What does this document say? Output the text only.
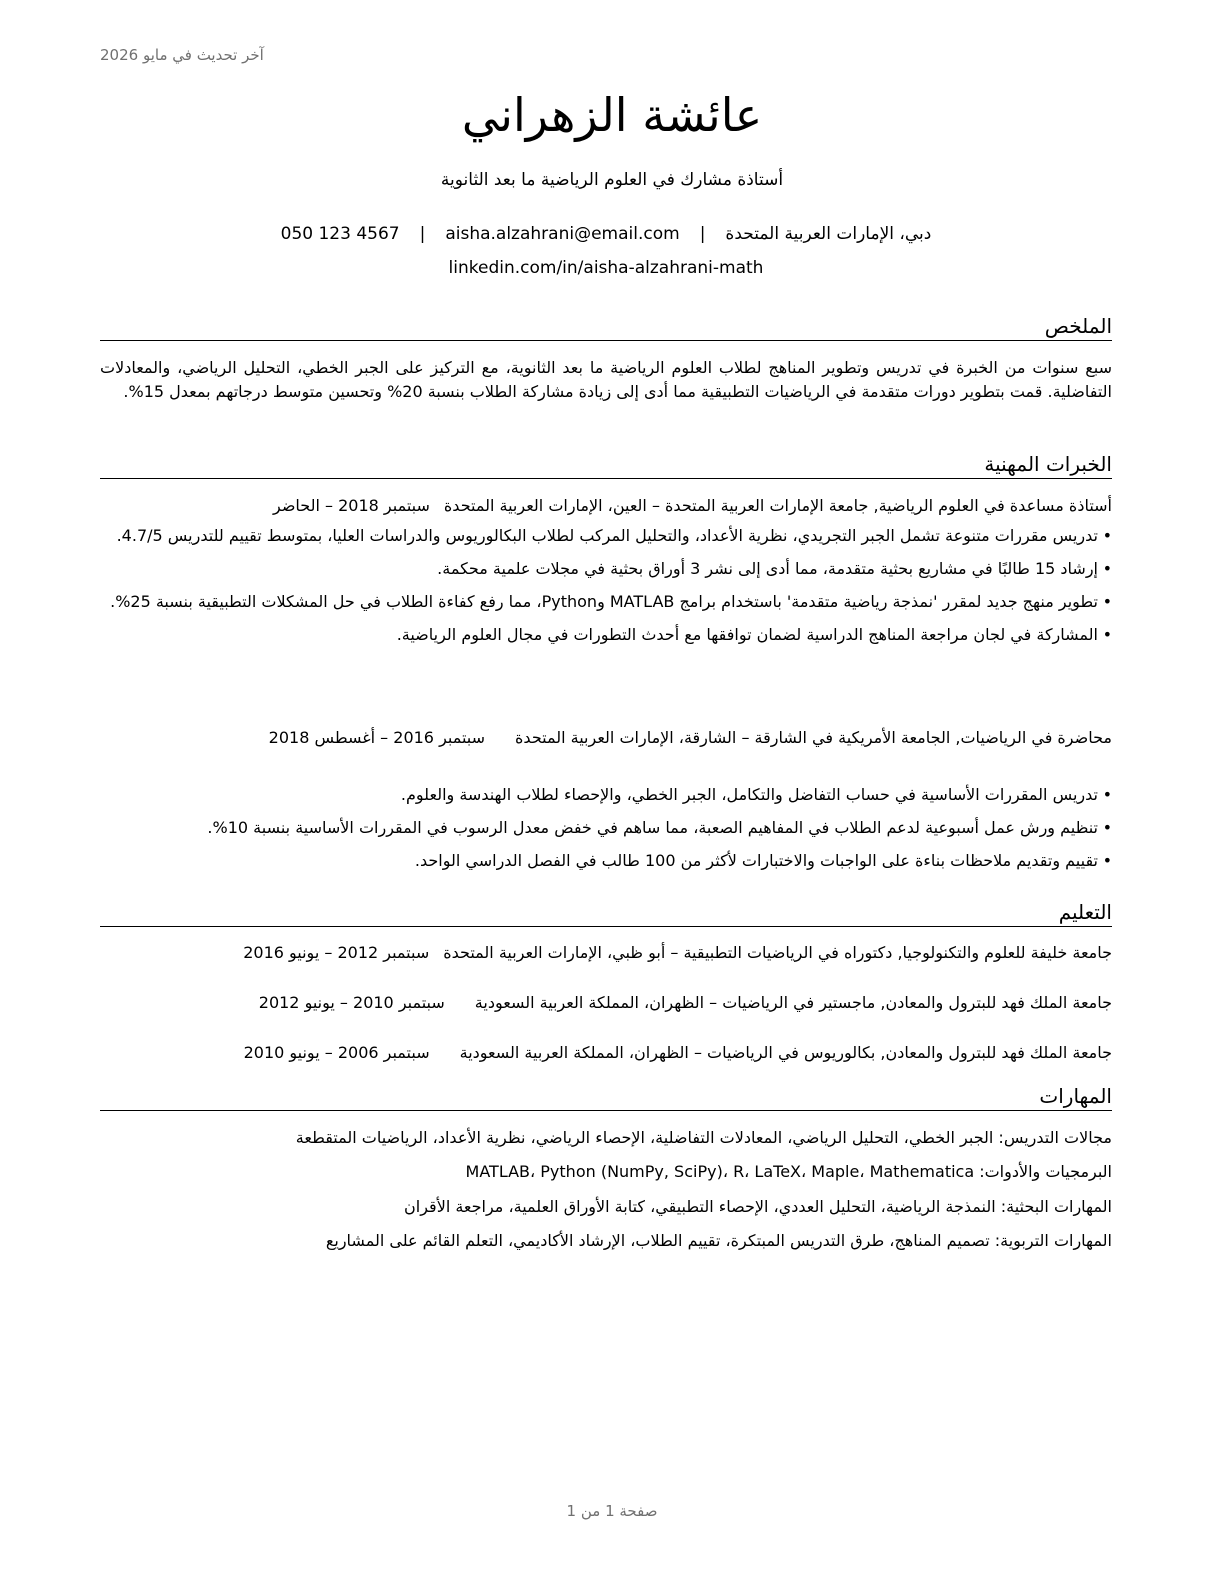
آخر تحديث في مايو 2026
عائشة الزهراني
أستاذة مشارك في العلوم الرياضية ما بعد الثانوية
دبي، الإمارات العربية المتحدة|aisha.alzahrani@email.com|050 123 4567
linkedin.com/in/aisha-alzahrani-math
الملخص
سبع سنوات من الخبرة في تدريس وتطوير المناهج لطلاب العلوم الرياضية ما بعد الثانوية، مع التركيز على الجبر الخطي، التحليل الرياضي، والمعادلات التفاضلية. قمت بتطوير دورات متقدمة في الرياضيات التطبيقية مما أدى إلى زيادة مشاركة الطلاب بنسبة 20% وتحسين متوسط درجاتهم بمعدل 15%.
الخبرات المهنية
أستاذة مساعدة في العلوم الرياضية, جامعة الإمارات العربية المتحدة – العين، الإمارات العربية المتحدةسبتمبر 2018 – الحاضر
• تدريس مقررات متنوعة تشمل الجبر التجريدي، نظرية الأعداد، والتحليل المركب لطلاب البكالوريوس والدراسات العليا، بمتوسط تقييم للتدريس 4.7/5.
• إرشاد 15 طالبًا في مشاريع بحثية متقدمة، مما أدى إلى نشر 3 أوراق بحثية في مجلات علمية محكمة.
• تطوير منهج جديد لمقرر 'نمذجة رياضية متقدمة' باستخدام برامج MATLAB وPython، مما رفع كفاءة الطلاب في حل المشكلات التطبيقية بنسبة 25%.
• المشاركة في لجان مراجعة المناهج الدراسية لضمان توافقها مع أحدث التطورات في مجال العلوم الرياضية.
محاضرة في الرياضيات, الجامعة الأمريكية في الشارقة – الشارقة، الإمارات العربية المتحدةسبتمبر 2016 – أغسطس 2018
• تدريس المقررات الأساسية في حساب التفاضل والتكامل، الجبر الخطي، والإحصاء لطلاب الهندسة والعلوم.
• تنظيم ورش عمل أسبوعية لدعم الطلاب في المفاهيم الصعبة، مما ساهم في خفض معدل الرسوب في المقررات الأساسية بنسبة 10%.
• تقييم وتقديم ملاحظات بناءة على الواجبات والاختبارات لأكثر من 100 طالب في الفصل الدراسي الواحد.
التعليم
جامعة خليفة للعلوم والتكنولوجيا, دكتوراه في الرياضيات التطبيقية – أبو ظبي، الإمارات العربية المتحدةسبتمبر 2012 – يونيو 2016
جامعة الملك فهد للبترول والمعادن, ماجستير في الرياضيات – الظهران، المملكة العربية السعوديةسبتمبر 2010 – يونيو 2012
جامعة الملك فهد للبترول والمعادن, بكالوريوس في الرياضيات – الظهران، المملكة العربية السعوديةسبتمبر 2006 – يونيو 2010
المهارات
مجالات التدريس: الجبر الخطي، التحليل الرياضي، المعادلات التفاضلية، الإحصاء الرياضي، نظرية الأعداد، الرياضيات المتقطعة
البرمجيات والأدوات: MATLAB، Python (NumPy, SciPy)، R، LaTeX، Maple، Mathematica
المهارات البحثية: النمذجة الرياضية، التحليل العددي، الإحصاء التطبيقي، كتابة الأوراق العلمية، مراجعة الأقران
المهارات التربوية: تصميم المناهج، طرق التدريس المبتكرة، تقييم الطلاب، الإرشاد الأكاديمي، التعلم القائم على المشاريع
صفحة 1 من 1
